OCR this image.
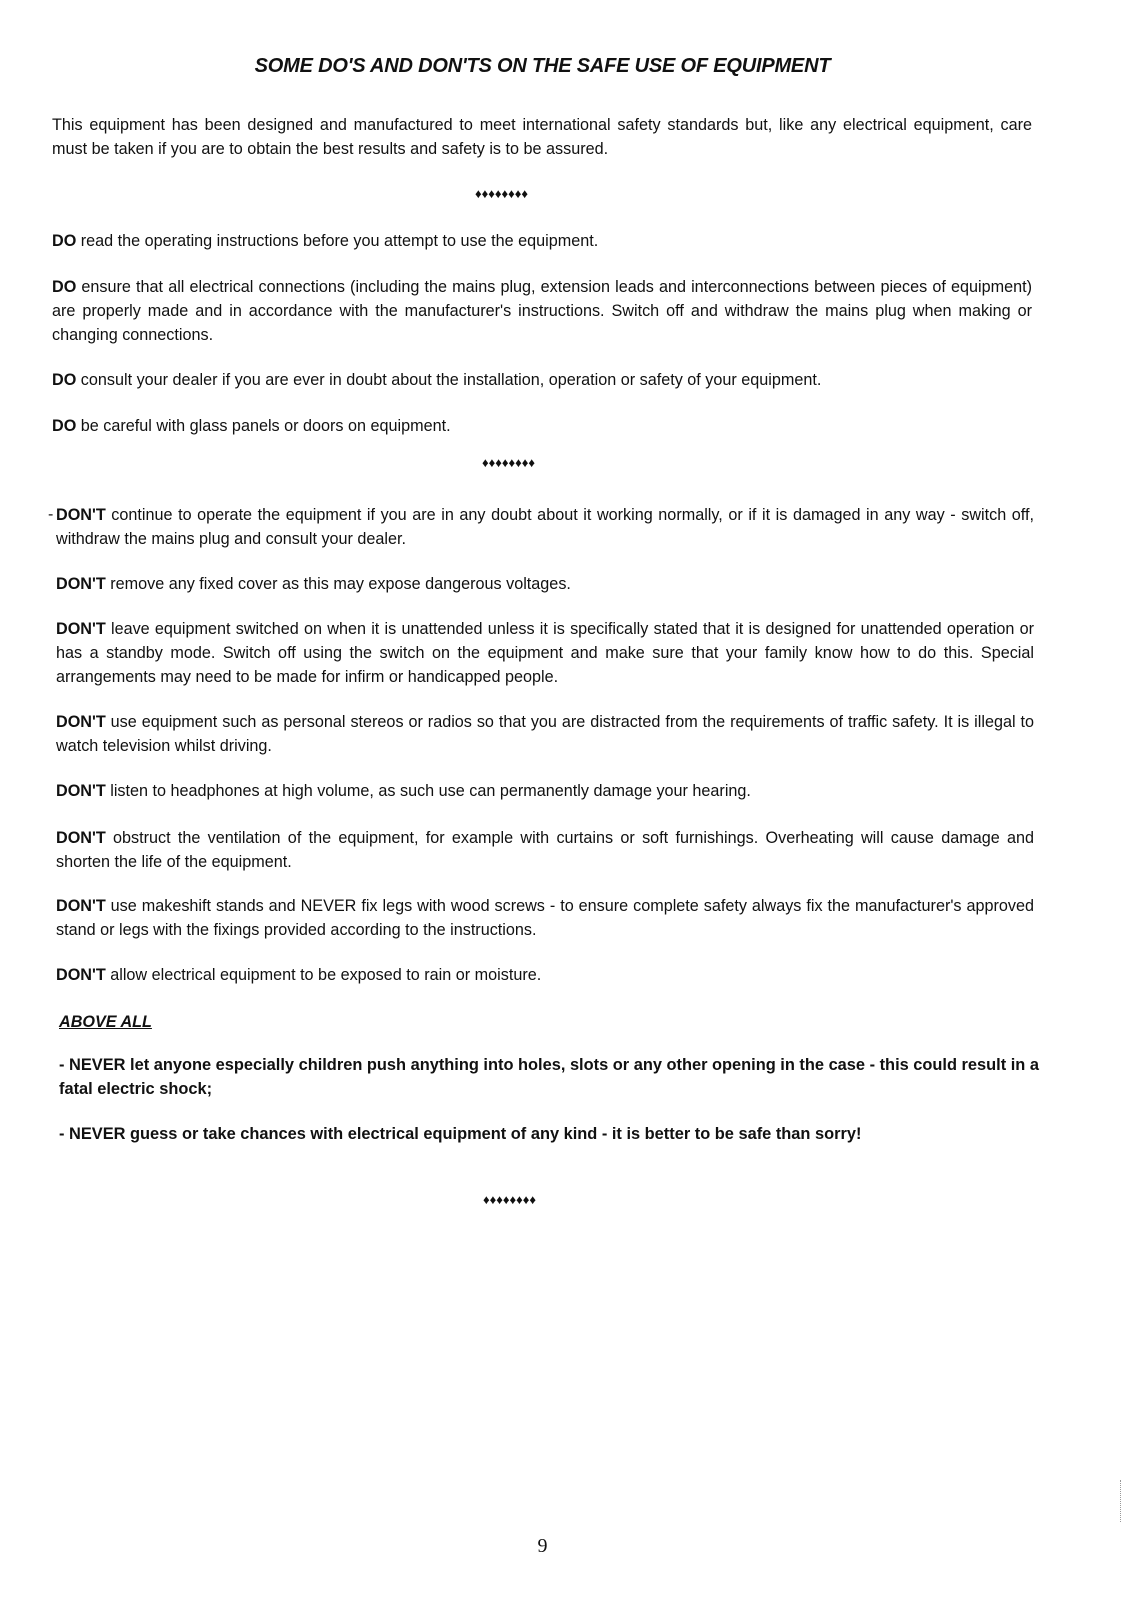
SOME DO'S AND DON'TS ON THE SAFE USE OF EQUIPMENT

This equipment has been designed and manufactured to meet international safety standards but, like any electrical equipment, care must be taken if you are to obtain the best results and safety is to be assured.

♦♦♦♦♦♦♦♦

DO read the operating instructions before you attempt to use the equipment.

DO ensure that all electrical connections (including the mains plug, extension leads and interconnections between pieces of equipment) are properly made and in accordance with the manufacturer's instructions. Switch off and withdraw the mains plug when making or changing connections.

DO consult your dealer if you are ever in doubt about the installation, operation or safety of your equipment.

DO be careful with glass panels or doors on equipment.

♦♦♦♦♦♦♦♦
- DON'T continue to operate the equipment if you are in any doubt about it working normally, or if it is damaged in any way - switch off, withdraw the mains plug and consult your dealer.

DON'T remove any fixed cover as this may expose dangerous voltages.

DON'T leave equipment switched on when it is unattended unless it is specifically stated that it is designed for unattended operation or has a standby mode. Switch off using the switch on the equipment and make sure that your family know how to do this. Special arrangements may need to be made for infirm or handicapped people.

DON'T use equipment such as personal stereos or radios so that you are distracted from the requirements of traffic safety. It is illegal to watch television whilst driving.

DON'T listen to headphones at high volume, as such use can permanently damage your hearing.

DON'T obstruct the ventilation of the equipment, for example with curtains or soft furnishings. Overheating will cause damage and shorten the life of the equipment.

DON'T use makeshift stands and NEVER fix legs with wood screws - to ensure complete safety always fix the manufacturer's approved stand or legs with the fixings provided according to the instructions.

DON'T allow electrical equipment to be exposed to rain or moisture.

ABOVE ALL

- NEVER let anyone especially children push anything into holes, slots or any other opening in the case - this could result in a fatal electric shock;

- NEVER guess or take chances with electrical equipment of any kind - it is better to be safe than sorry!

♦♦♦♦♦♦♦♦

9
